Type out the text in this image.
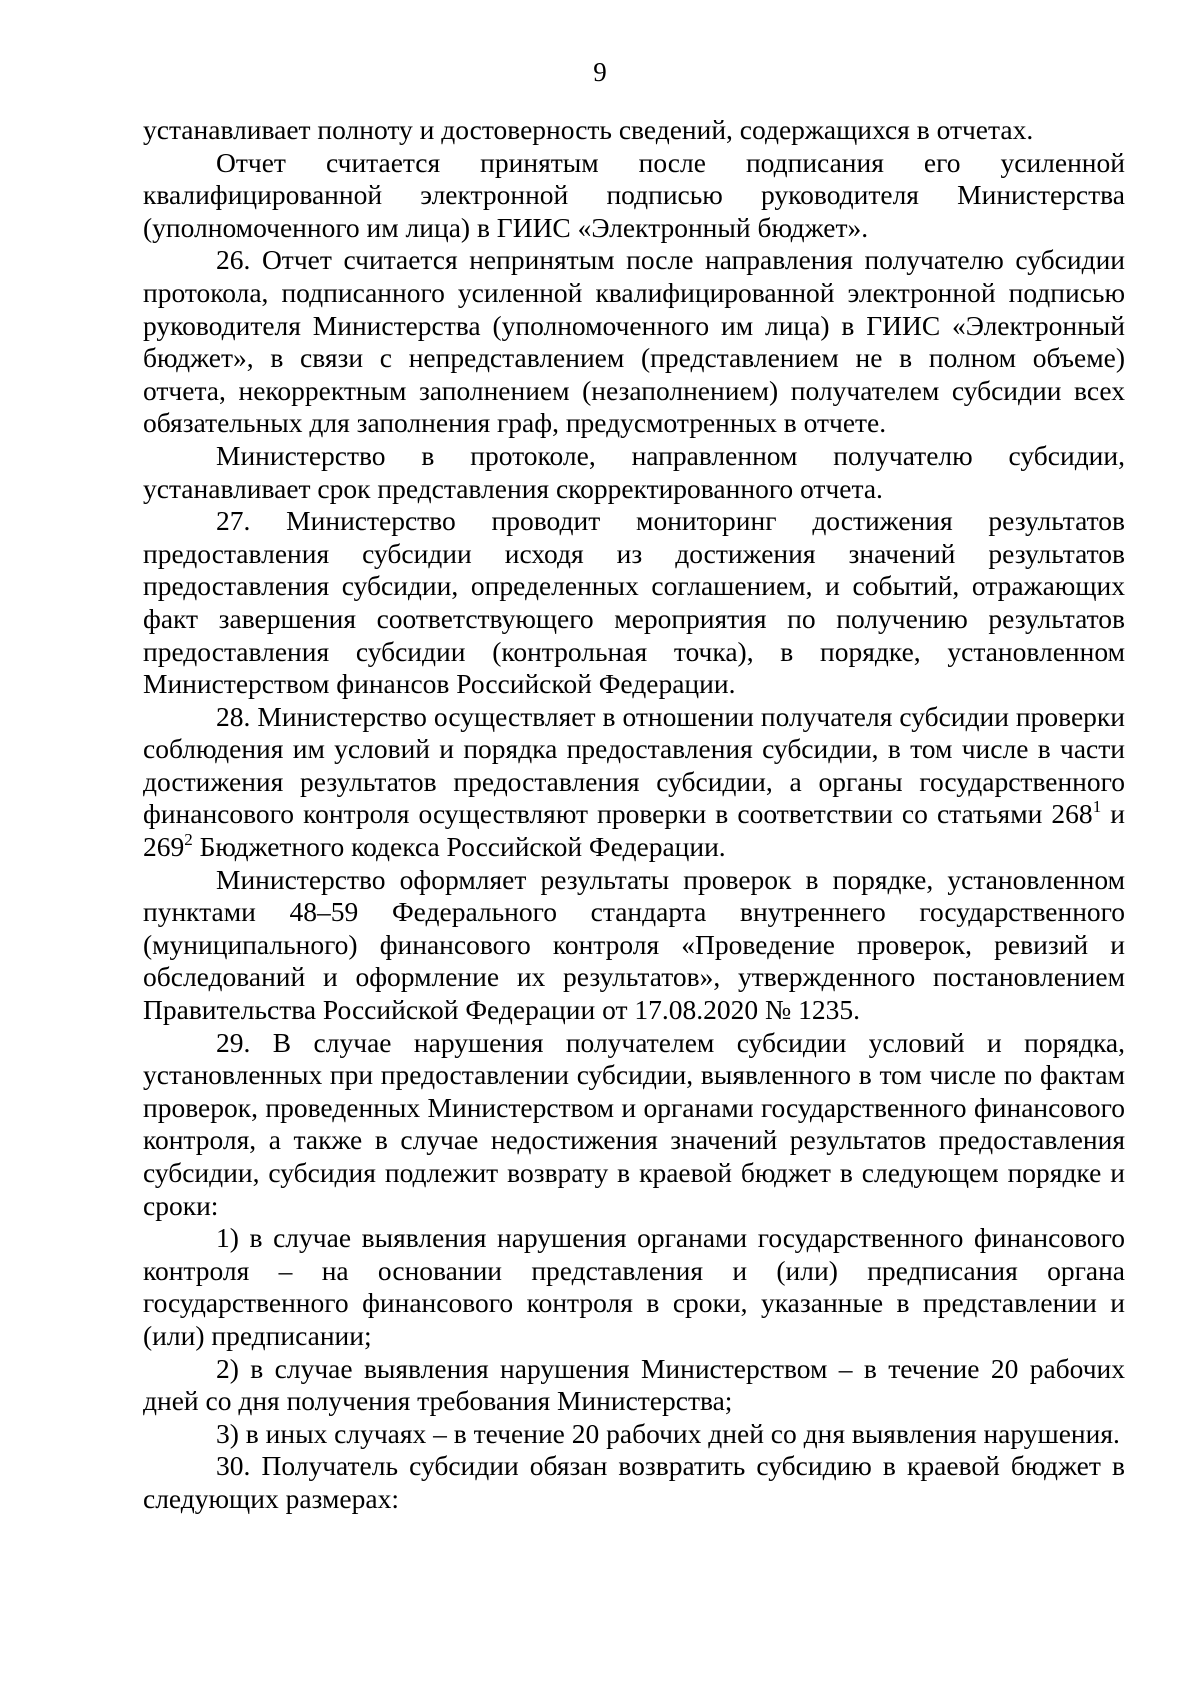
9

устанавливает полноту и достоверность сведений, содержащихся в отчетах.

Отчет считается принятым после подписания его усиленной квалифицированной электронной подписью руководителя Министерства (уполномоченного им лица) в ГИИС «Электронный бюджет».

26. Отчет считается непринятым после направления получателю субсидии протокола, подписанного усиленной квалифицированной электронной подписью руководителя Министерства (уполномоченного им лица) в ГИИС «Электронный бюджет», в связи с непредставлением (представлением не в полном объеме) отчета, некорректным заполнением (незаполнением) получателем субсидии всех обязательных для заполнения граф, предусмотренных в отчете.

Министерство в протоколе, направленном получателю субсидии, устанавливает срок представления скорректированного отчета.

27. Министерство проводит мониторинг достижения результатов предоставления субсидии исходя из достижения значений результатов предоставления субсидии, определенных соглашением, и событий, отражающих факт завершения соответствующего мероприятия по получению результатов предоставления субсидии (контрольная точка), в порядке, установленном Министерством финансов Российской Федерации.

28. Министерство осуществляет в отношении получателя субсидии проверки соблюдения им условий и порядка предоставления субсидии, в том числе в части достижения результатов предоставления субсидии, а органы государственного финансового контроля осуществляют проверки в соответствии со статьями $268^1$ и $269^2$ Бюджетного кодекса Российской Федерации.

Министерство оформляет результаты проверок в порядке, установленном пунктами 48–59 Федерального стандарта внутреннего государственного (муниципального) финансового контроля «Проведение проверок, ревизий и обследований и оформление их результатов», утвержденного постановлением Правительства Российской Федерации от 17.08.2020 № 1235.

29. В случае нарушения получателем субсидии условий и порядка, установленных при предоставлении субсидии, выявленного в том числе по фактам проверок, проведенных Министерством и органами государственного финансового контроля, а также в случае недостижения значений результатов предоставления субсидии, субсидия подлежит возврату в краевой бюджет в следующем порядке и сроки:

1) в случае выявления нарушения органами государственного финансового контроля – на основании представления и (или) предписания органа государственного финансового контроля в сроки, указанные в представлении и (или) предписании;

2) в случае выявления нарушения Министерством – в течение 20 рабочих дней со дня получения требования Министерства;

3) в иных случаях – в течение 20 рабочих дней со дня выявления нарушения.

30. Получатель субсидии обязан возвратить субсидию в краевой бюджет в следующих размерах:
